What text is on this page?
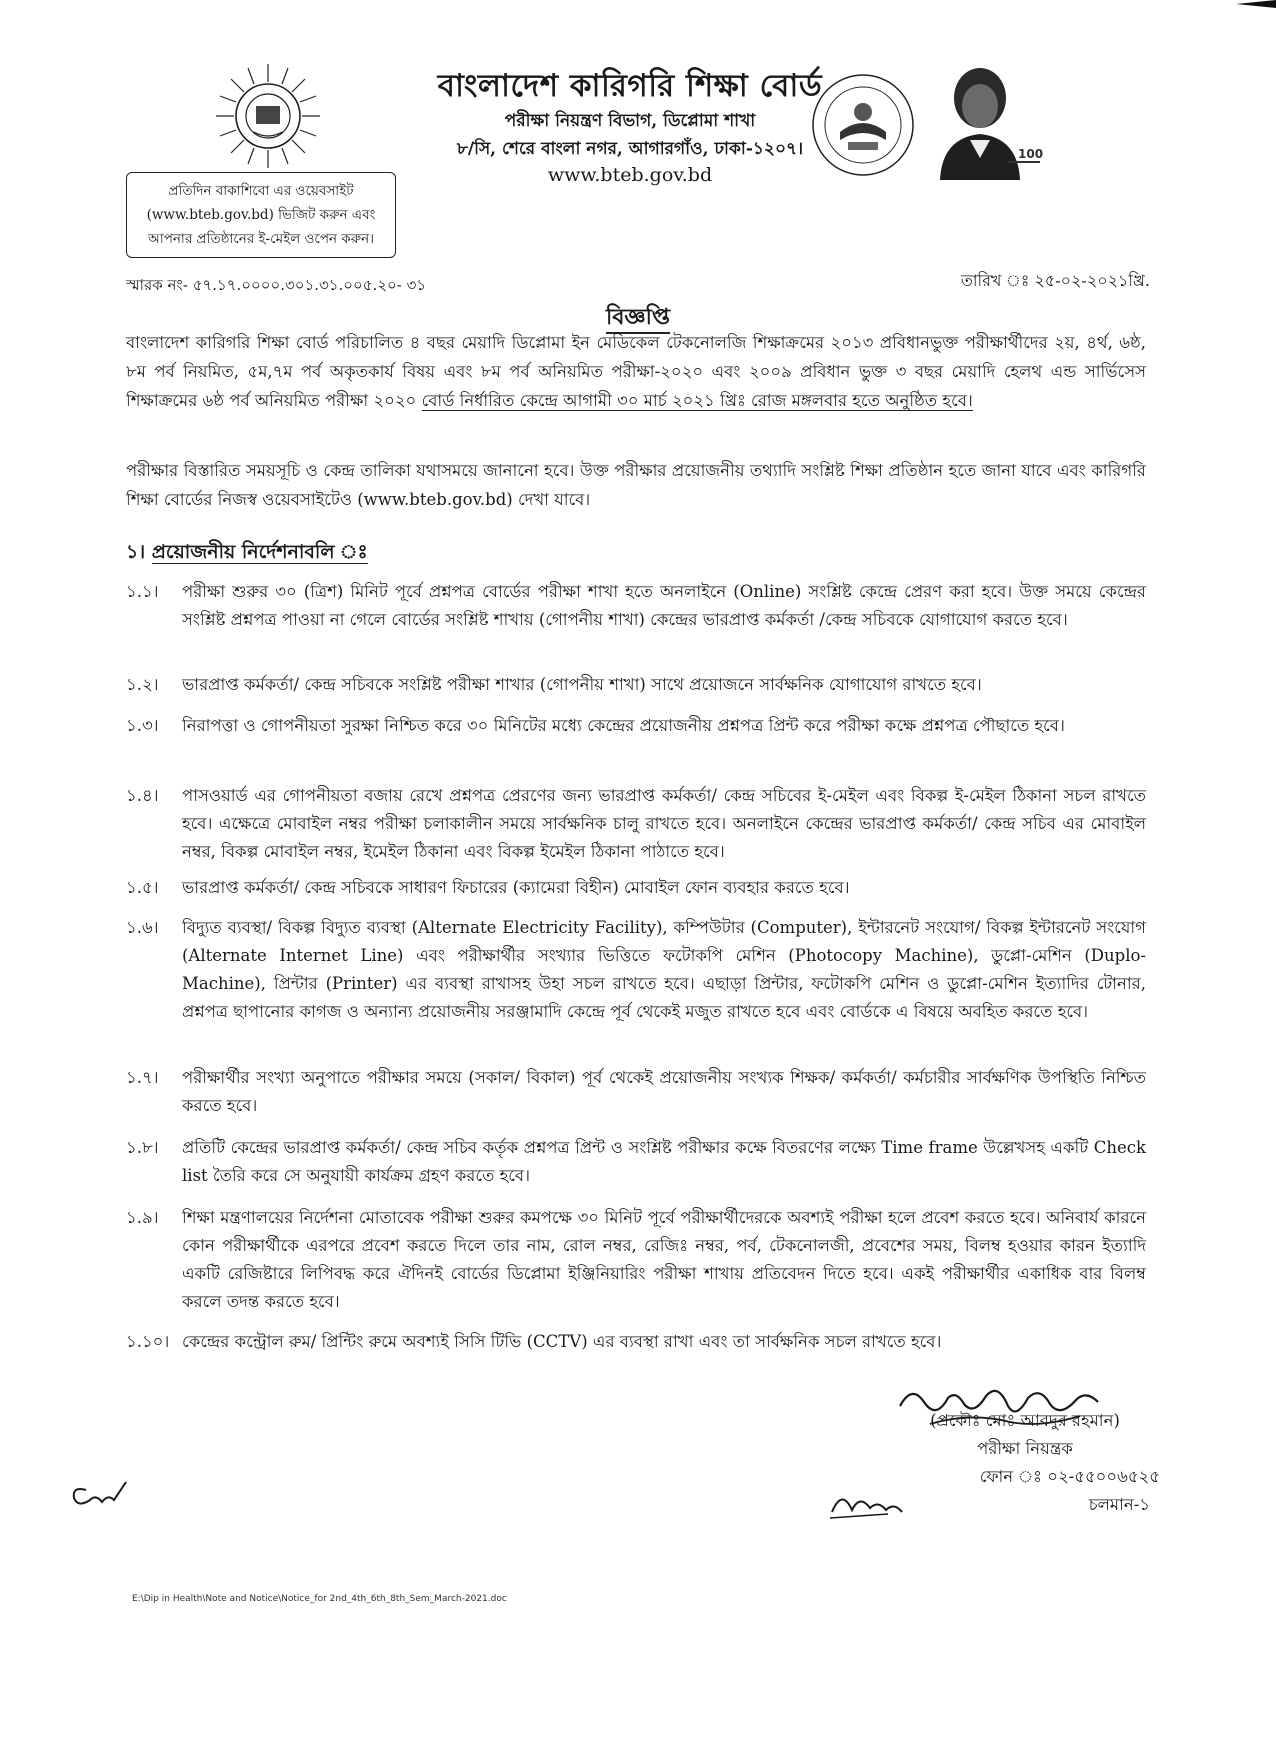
100
বাংলাদেশ কারিগরি শিক্ষা বোর্ড
পরীক্ষা নিয়ন্ত্রণ বিভাগ, ডিপ্লোমা শাখা
৮/সি, শেরে বাংলা নগর, আগারগাঁও, ঢাকা-১২০৭।
www.bteb.gov.bd
প্রতিদিন বাকাশিবো এর ওয়েবসাইট
(www.bteb.gov.bd) ভিজিট করুন এবং
আপনার প্রতিষ্ঠানের ই-মেইল ওপেন করুন।
স্মারক নং- ৫৭.১৭.০০০০.৩০১.৩১.০০৫.২০- ৩১	তারিখ ঃ ২৫-০২-২০২১খ্রি.
বিজ্ঞপ্তি
বাংলাদেশ কারিগরি শিক্ষা বোর্ড পরিচালিত ৪ বছর মেয়াদি ডিপ্লোমা ইন মেডিকেল টেকনোলজি শিক্ষাক্রমের ২০১৩ প্রবিধানভুক্ত পরীক্ষার্থীদের ২য়, ৪র্থ, ৬ষ্ঠ, ৮ম পর্ব নিয়মিত, ৫ম,৭ম পর্ব অকৃতকার্য বিষয় এবং ৮ম পর্ব অনিয়মিত পরীক্ষা-২০২০ এবং ২০০৯ প্রবিধান ভুক্ত ৩ বছর মেয়াদি হেলথ এন্ড সার্ভিসেস শিক্ষাক্রমের ৬ষ্ঠ পর্ব অনিয়মিত পরীক্ষা ২০২০ বোর্ড নির্ধারিত কেন্দ্রে আগামী ৩০ মার্চ ২০২১ খ্রিঃ রোজ মঙ্গলবার হতে অনুষ্ঠিত হবে।
পরীক্ষার বিস্তারিত সময়সূচি ও কেন্দ্র তালিকা যথাসময়ে জানানো হবে। উক্ত পরীক্ষার প্রয়োজনীয় তথ্যাদি সংশ্লিষ্ট শিক্ষা প্রতিষ্ঠান হতে জানা যাবে এবং কারিগরি শিক্ষা বোর্ডের নিজস্ব ওয়েবসাইটেও (www.bteb.gov.bd) দেখা যাবে।
১। প্রয়োজনীয় নির্দেশনাবলি ঃ
১.১।	পরীক্ষা শুরুর ৩০ (ত্রিশ) মিনিট পূর্বে প্রশ্নপত্র বোর্ডের পরীক্ষা শাখা হতে অনলাইনে (Online) সংশ্লিষ্ট কেন্দ্রে প্রেরণ করা হবে। উক্ত সময়ে কেন্দ্রের সংশ্লিষ্ট প্রশ্নপত্র পাওয়া না গেলে বোর্ডের সংশ্লিষ্ট শাখায় (গোপনীয় শাখা) কেন্দ্রের ভারপ্রাপ্ত কর্মকর্তা /কেন্দ্র সচিবকে যোগাযোগ করতে হবে।
১.২।	ভারপ্রাপ্ত কর্মকর্তা/ কেন্দ্র সচিবকে সংশ্লিষ্ট পরীক্ষা শাখার (গোপনীয় শাখা) সাথে প্রয়োজনে সার্বক্ষনিক যোগাযোগ রাখতে হবে।
১.৩।	নিরাপত্তা ও গোপনীয়তা সুরক্ষা নিশ্চিত করে ৩০ মিনিটের মধ্যে কেন্দ্রের প্রয়োজনীয় প্রশ্নপত্র প্রিন্ট করে পরীক্ষা কক্ষে প্রশ্নপত্র পৌছাতে হবে।
১.৪।	পাসওয়ার্ড এর গোপনীয়তা বজায় রেখে প্রশ্নপত্র প্রেরণের জন্য ভারপ্রাপ্ত কর্মকর্তা/ কেন্দ্র সচিবের ই-মেইল এবং বিকল্প ই-মেইল ঠিকানা সচল রাখতে হবে। এক্ষেত্রে মোবাইল নম্বর পরীক্ষা চলাকালীন সময়ে সার্বক্ষনিক চালু রাখতে হবে। অনলাইনে কেন্দ্রের ভারপ্রাপ্ত কর্মকর্তা/ কেন্দ্র সচিব এর মোবাইল নম্বর, বিকল্প মোবাইল নম্বর, ইমেইল ঠিকানা এবং বিকল্প ইমেইল ঠিকানা পাঠাতে হবে।
১.৫।	ভারপ্রাপ্ত কর্মকর্তা/ কেন্দ্র সচিবকে সাধারণ ফিচারের (ক্যামেরা বিহীন) মোবাইল ফোন ব্যবহার করতে হবে।
১.৬।	বিদ্যুত ব্যবস্থা/ বিকল্প বিদ্যুত ব্যবস্থা (Alternate Electricity Facility), কম্পিউটার (Computer), ইন্টারনেট সংযোগ/ বিকল্প ইন্টারনেট সংযোগ (Alternate Internet Line) এবং পরীক্ষার্থীর সংখ্যার ভিত্তিতে ফটোকপি মেশিন (Photocopy Machine), ডুপ্লো-মেশিন (Duplo- Machine), প্রিন্টার (Printer) এর ব্যবস্থা রাখাসহ উহা সচল রাখতে হবে। এছাড়া প্রিন্টার, ফটোকপি মেশিন ও ডুপ্লো-মেশিন ইত্যাদির টোনার, প্রশ্নপত্র ছাপানোর কাগজ ও অন্যান্য প্রয়োজনীয় সরঞ্জামাদি কেন্দ্রে পূর্ব থেকেই মজুত রাখতে হবে এবং বোর্ডকে এ বিষয়ে অবহিত করতে হবে।
১.৭।	পরীক্ষার্থীর সংখ্যা অনুপাতে পরীক্ষার সময়ে (সকাল/ বিকাল) পূর্ব থেকেই প্রয়োজনীয় সংখ্যক শিক্ষক/ কর্মকর্তা/ কর্মচারীর সার্বক্ষণিক উপস্থিতি নিশ্চিত করতে হবে।
১.৮।	প্রতিটি কেন্দ্রের ভারপ্রাপ্ত কর্মকর্তা/ কেন্দ্র সচিব কর্তৃক প্রশ্নপত্র প্রিন্ট ও সংশ্লিষ্ট পরীক্ষার কক্ষে বিতরণের লক্ষ্যে Time frame উল্লেখসহ একটি Check list তৈরি করে সে অনুযায়ী কার্যক্রম গ্রহণ করতে হবে।
১.৯।	শিক্ষা মন্ত্রণালয়ের নির্দেশনা মোতাবেক পরীক্ষা শুরুর কমপক্ষে ৩০ মিনিট পূর্বে পরীক্ষার্থীদেরকে অবশ্যই পরীক্ষা হলে প্রবেশ করতে হবে। অনিবার্য কারনে কোন পরীক্ষার্থীকে এরপরে প্রবেশ করতে দিলে তার নাম, রোল নম্বর, রেজিঃ নম্বর, পর্ব, টেকনোলজী, প্রবেশের সময়, বিলম্ব হওয়ার কারন ইত্যাদি একটি রেজিষ্টারে লিপিবদ্ধ করে ঐদিনই বোর্ডের ডিপ্লোমা ইঞ্জিনিয়ারিং পরীক্ষা শাখায় প্রতিবেদন দিতে হবে। একই পরীক্ষার্থীর একাধিক বার বিলম্ব করলে তদন্ত করতে হবে।
১.১০। কেন্দ্রের কন্ট্রোল রুম/ প্রিন্টিং রুমে অবশ্যই সিসি টিভি (CCTV) এর ব্যবস্থা রাখা এবং তা সার্বক্ষনিক সচল রাখতে হবে।
(প্রকৌঃ মোঃ আবদুর রহমান)
পরীক্ষা নিয়ন্ত্রক
ফোন ঃ ০২-৫৫০০৬৫২৫
চলমান-১
E:\Dip in Health\Note and Notice\Notice_for 2nd_4th_6th_8th_Sem_March-2021.doc
